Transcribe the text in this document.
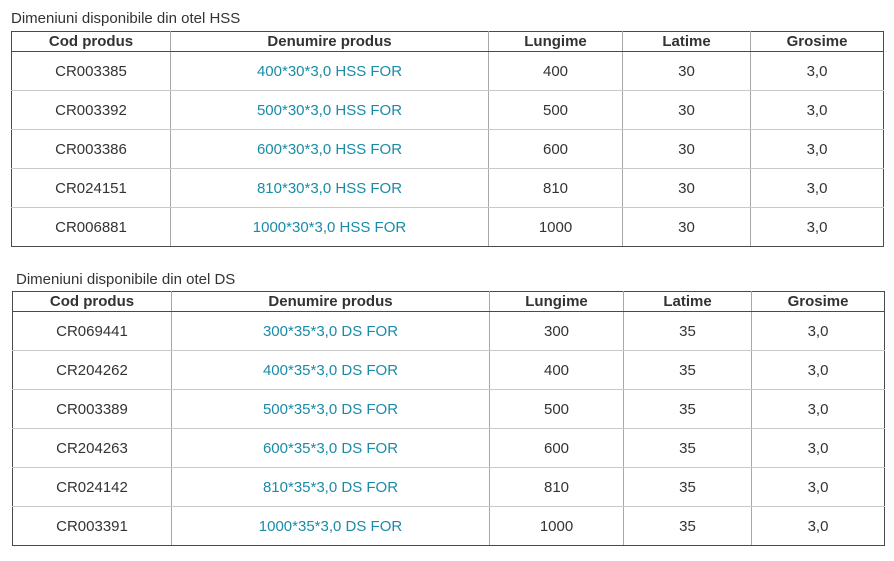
Dimeniuni disponibile din otel HSS
Cod produs	Denumire produs	Lungime	Latime	Grosime
CR003385	400*30*3,0 HSS FOR	400	30	3,0
CR003392	500*30*3,0 HSS FOR	500	30	3,0
CR003386	600*30*3,0 HSS FOR	600	30	3,0
CR024151	810*30*3,0 HSS FOR	810	30	3,0
CR006881	1000*30*3,0 HSS FOR	1000	30	3,0
Dimeniuni disponibile din otel DS
Cod produs	Denumire produs	Lungime	Latime	Grosime
CR069441	300*35*3,0 DS FOR	300	35	3,0
CR204262	400*35*3,0 DS FOR	400	35	3,0
CR003389	500*35*3,0 DS FOR	500	35	3,0
CR204263	600*35*3,0 DS FOR	600	35	3,0
CR024142	810*35*3,0 DS FOR	810	35	3,0
CR003391	1000*35*3,0 DS FOR	1000	35	3,0
